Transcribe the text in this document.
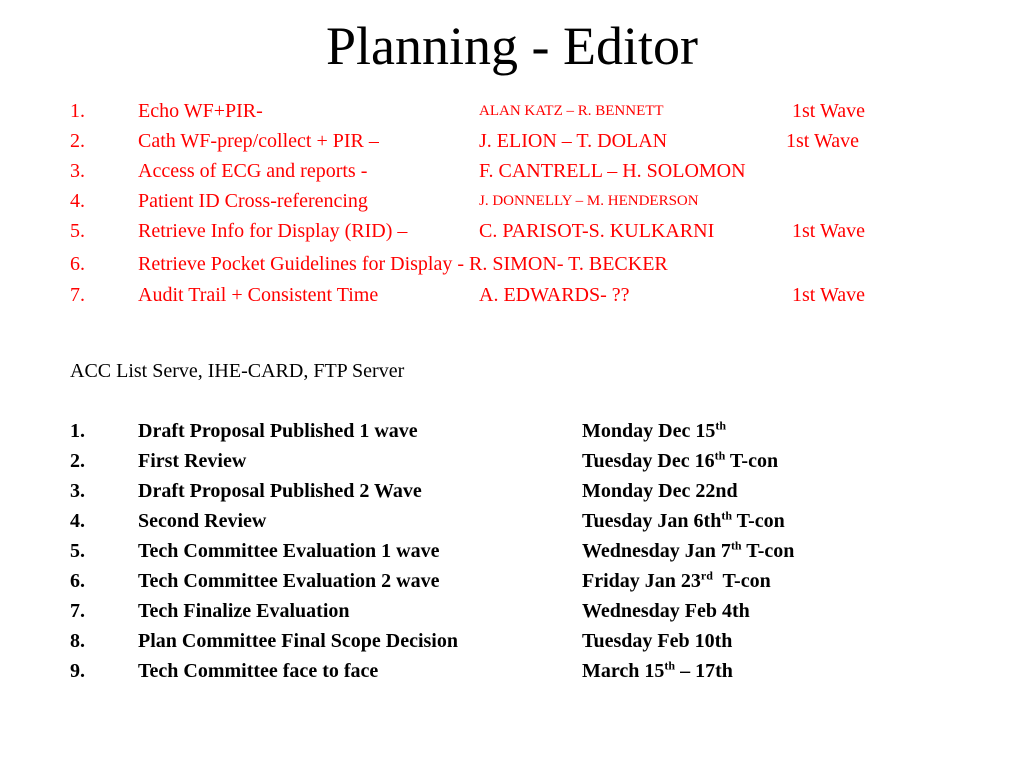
Planning - Editor
1.	Echo WF+PIR-	ALAN KATZ – R. BENNETT	1st Wave
2.	Cath WF-prep/collect + PIR –	J. ELION – T. DOLAN	1st Wave
3.	Access of ECG and reports -	F. CANTRELL – H. SOLOMON
4.	Patient ID Cross-referencing	J. DONNELLY – M. HENDERSON
5.	Retrieve Info for Display (RID) –	C. PARISOT-S. KULKARNI	1st Wave
6.	Retrieve Pocket Guidelines for Display - R. SIMON- T. BECKER
7.	Audit Trail + Consistent Time	A. EDWARDS- ??	1st Wave
ACC List Serve, IHE-CARD, FTP Server
1.	Draft Proposal Published 1 wave	Monday Dec 15th
2.	First Review	Tuesday Dec 16th T-con
3.	Draft Proposal Published 2 Wave	Monday Dec 22nd
4.	Second Review	Tuesday Jan $6th^{th}$ T-con
5.	Tech Committee Evaluation 1 wave	Wednesday Jan 7th T-con
6.	Tech Committee Evaluation 2 wave	Friday Jan 23rd  T-con
7.	Tech Finalize Evaluation	Wednesday Feb 4th
8.	Plan Committee Final Scope Decision	Tuesday Feb 10th
9.	Tech Committee face to face	March 15th – 17th
